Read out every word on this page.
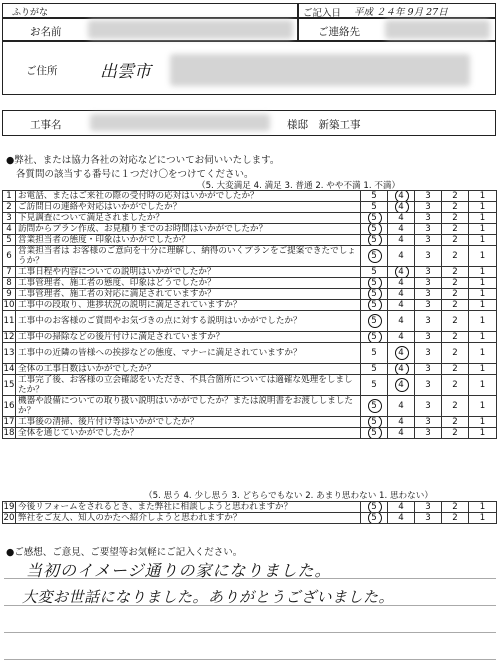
ふりがな
お名前
ご記入日 平成 ２４年 9月 27日
ご連絡先
ご住所	出雲市
工事名	様邸　新築工事
●弊社、または協力各社の対応などについてお伺いいたします。
各質問の該当する番号に１つだけ〇をつけてください。
（5. 大変満足 4. 満足 3. 普通 2. やや不満 1. 不満）
1	お電話、またはご来社の際の受付時の応対はいかがでしたか？	5	4	3	2	1
2	ご訪問日の連絡や対応はいかがでしたか？	5	4	3	2	1
3	下見調査について満足されましたか？	5	4	3	2	1
4	訪問からプラン作成、お見積りまでのお時間はいかがでしたか？	5	4	3	2	1
5	営業担当者の態度・印象はいかがでしたか？	5	4	3	2	1
6	営業担当者は お客様のご意向を十分に理解し、納得のいくプランをご提案できたでしょうか？	5	4	3	2	1
7	工事日程や内容についての説明はいかがでしたか？	5	4	3	2	1
8	工事管理者、施工者の態度、印象はどうでしたか？	5	4	3	2	1
9	工事管理者、施工者の対応に満足されていますか？	5	4	3	2	1
10	工事中の段取り、進捗状況の説明に満足されていますか？	5	4	3	2	1
11	工事中のお客様のご質問やお気づきの点に対する説明はいかがでしたか？	5	4	3	2	1
12	工事中の掃除などの後片付けに満足されていますか？	5	4	3	2	1
13	工事中の近隣の皆様への挨拶などの態度、マナーに満足されていますか？	5	4	3	2	1
14	全体の工事日数はいかがでしたか？	5	4	3	2	1
15	工事完了後、お客様の立会確認をいただき、不具合箇所については適確な処理をしましたか？	5	4	3	2	1
16	機器や設備についての取り扱い説明はいかがでしたか？または説明書をお渡ししましたか？	5	4	3	2	1
17	工事後の清掃、後片付け等はいかがでしたか？	5	4	3	2	1
18	全体を通じていかがでしたか？	5	4	3	2	1
（5. 思う 4. 少し思う 3. どちらでもない 2. あまり思わない 1. 思わない）
19	今後リフォームをされるとき、また弊社に相談しようと思われますか？	5	4	3	2	1
20	弊社をご友人、知人のかたへ紹介しようと思われますか？	5	4	3	2	1
●ご感想、ご意見、ご要望等お気軽にご記入ください。
当初のイメージ通りの家になりました。
大変お世話になりました。ありがとうございました。
